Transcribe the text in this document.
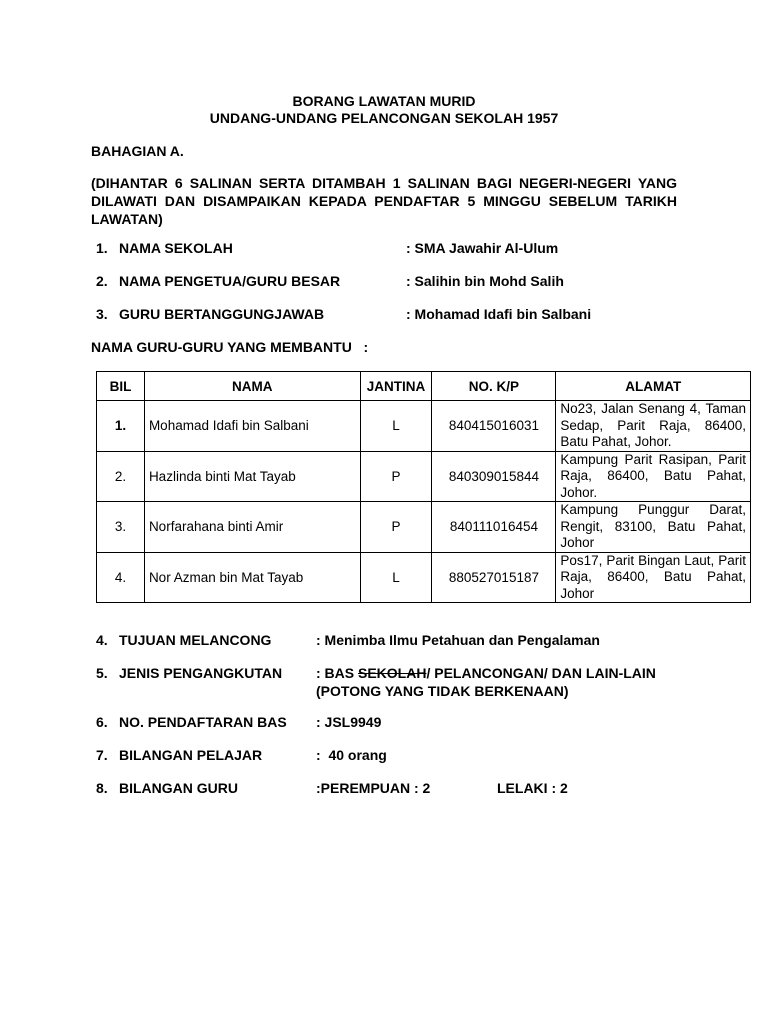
BORANG LAWATAN MURID
UNDANG-UNDANG PELANCONGAN SEKOLAH 1957
BAHAGIAN A.
(DIHANTAR 6 SALINAN SERTA DITAMBAH 1 SALINAN BAGI NEGERI-NEGERI YANG DILAWATI DAN DISAMPAIKAN KEPADA PENDAFTAR 5 MINGGU SEBELUM TARIKH LAWATAN)
1. NAMA SEKOLAH	: SMA Jawahir Al-Ulum
2. NAMA PENGETUA/GURU BESAR	: Salihin bin Mohd Salih
3. GURU BERTANGGUNGJAWAB	: Mohamad Idafi bin Salbani
NAMA GURU-GURU YANG MEMBANTU   :
BIL	NAMA	JANTINA	NO. K/P	ALAMAT
1.	Mohamad Idafi bin Salbani	L	840415016031	No23, Jalan Senang 4, Taman Sedap, Parit Raja, 86400, Batu Pahat, Johor.
2.	Hazlinda binti Mat Tayab	P	840309015844	Kampung Parit Rasipan, Parit Raja, 86400, Batu Pahat, Johor.
3.	Norfarahana binti Amir	P	840111016454	Kampung Punggur Darat, Rengit, 83100, Batu Pahat, Johor
4.	Nor Azman bin Mat Tayab	L	880527015187	Pos17, Parit Bingan Laut, Parit Raja, 86400, Batu Pahat, Johor
4. TUJUAN MELANCONG	: Menimba Ilmu Petahuan dan Pengalaman
5. JENIS PENGANGKUTAN : BAS SEKOLAH/ PELANCONGAN/ DAN LAIN-LAIN
(POTONG YANG TIDAK BERKENAAN)
6. NO. PENDAFTARAN BAS : JSL9949
7. BILANGAN PELAJAR	:  40 orang
8. BILANGAN GURU	:PEREMPUAN : 2	LELAKI : 2
